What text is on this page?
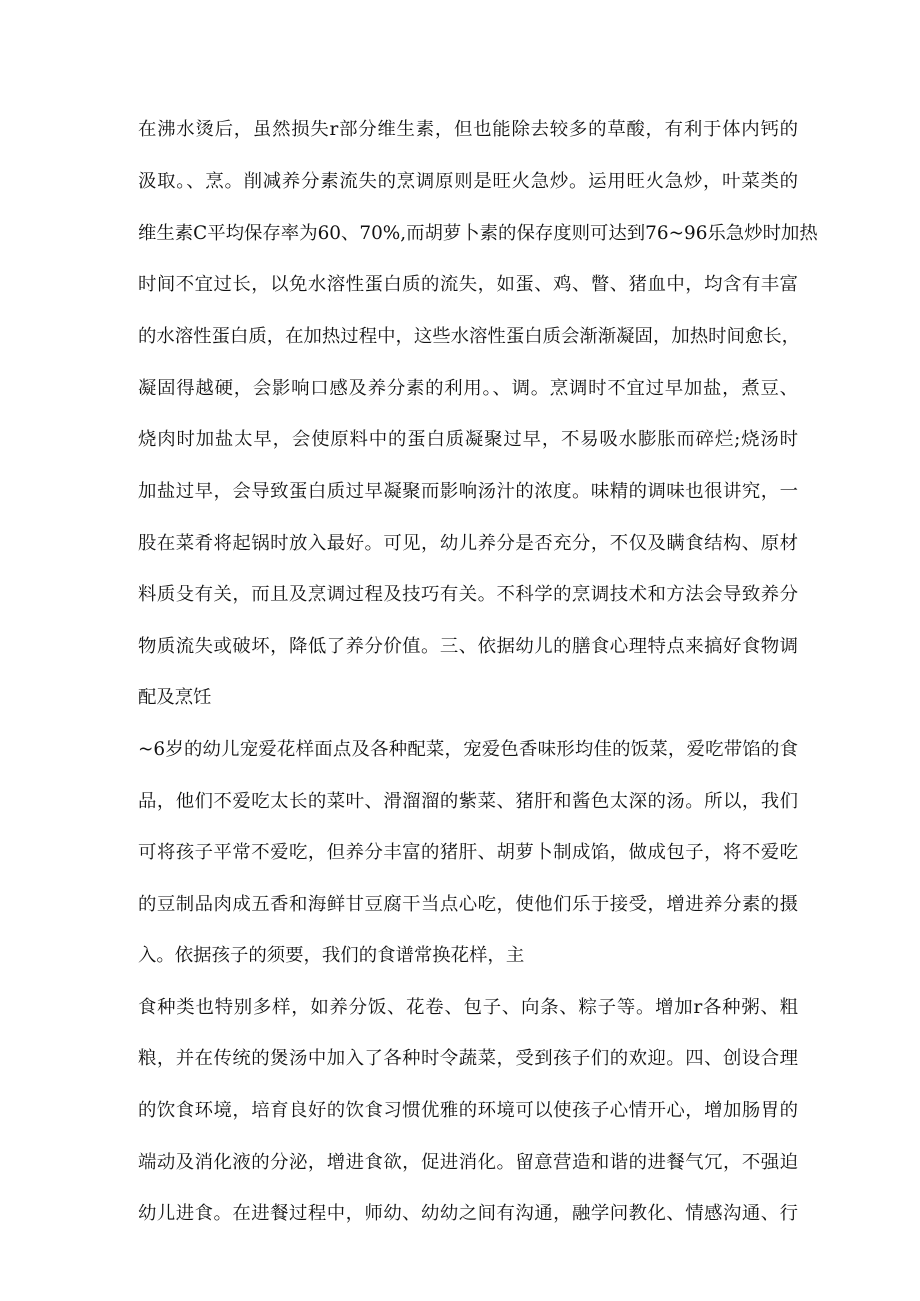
在沸水烫后，虽然损失r部分维生素，但也能除去较多的草酸，有利于体内钙的
汲取。、烹。削减养分素流失的烹调原则是旺火急炒。运用旺火急炒，叶菜类的
维生素C平均保存率为60、70%,而胡萝卜素的保存度则可达到76~96乐急炒时加热
时间不宜过长，以免水溶性蛋白质的流失，如蛋、鸡、瞥、猪血中，均含有丰富
的水溶性蛋白质，在加热过程中，这些水溶性蛋白质会渐渐凝固，加热时间愈长，
凝固得越硬，会影响口感及养分素的利用。、调。烹调时不宜过早加盐，煮豆、
烧肉时加盐太早，会使原料中的蛋白质凝聚过早，不易吸水膨胀而碎烂;烧汤时
加盐过早，会导致蛋白质过早凝聚而影响汤汁的浓度。味精的调味也很讲究，一
股在菜肴将起锅时放入最好。可见，幼儿养分是否充分，不仅及瞒食结构、原材
料质殳有关，而且及烹调过程及技巧有关。不科学的烹调技术和方法会导致养分
物质流失或破坏，降低了养分价值。三、依据幼儿的膳食心理特点来搞好食物调
配及烹饪
~6岁的幼儿宠爱花样面点及各种配菜，宠爱色香味形均佳的饭菜，爱吃带馅的食
品，他们不爱吃太长的菜叶、滑溜溜的紫菜、猪肝和酱色太深的汤。所以，我们
可将孩子平常不爱吃，但养分丰富的猪肝、胡萝卜制成馅，做成包子，将不爱吃
的豆制品肉成五香和海鲜甘豆腐干当点心吃，使他们乐于接受，增进养分素的摄
入。依据孩子的须要，我们的食谱常换花样，主
食种类也特别多样，如养分饭、花卷、包子、向条、粽子等。增加r各种粥、粗
粮，并在传统的煲汤中加入了各种时令蔬菜，受到孩子们的欢迎。四、创设合理
的饮食环境，培育良好的饮食习惯优雅的环境可以使孩子心情开心，增加肠胃的
端动及消化液的分泌，增进食欲，促进消化。留意营造和谐的进餐气冗，不强迫
幼儿进食。在进餐过程中，师幼、幼幼之间有沟通，融学问教化、情感沟通、行
